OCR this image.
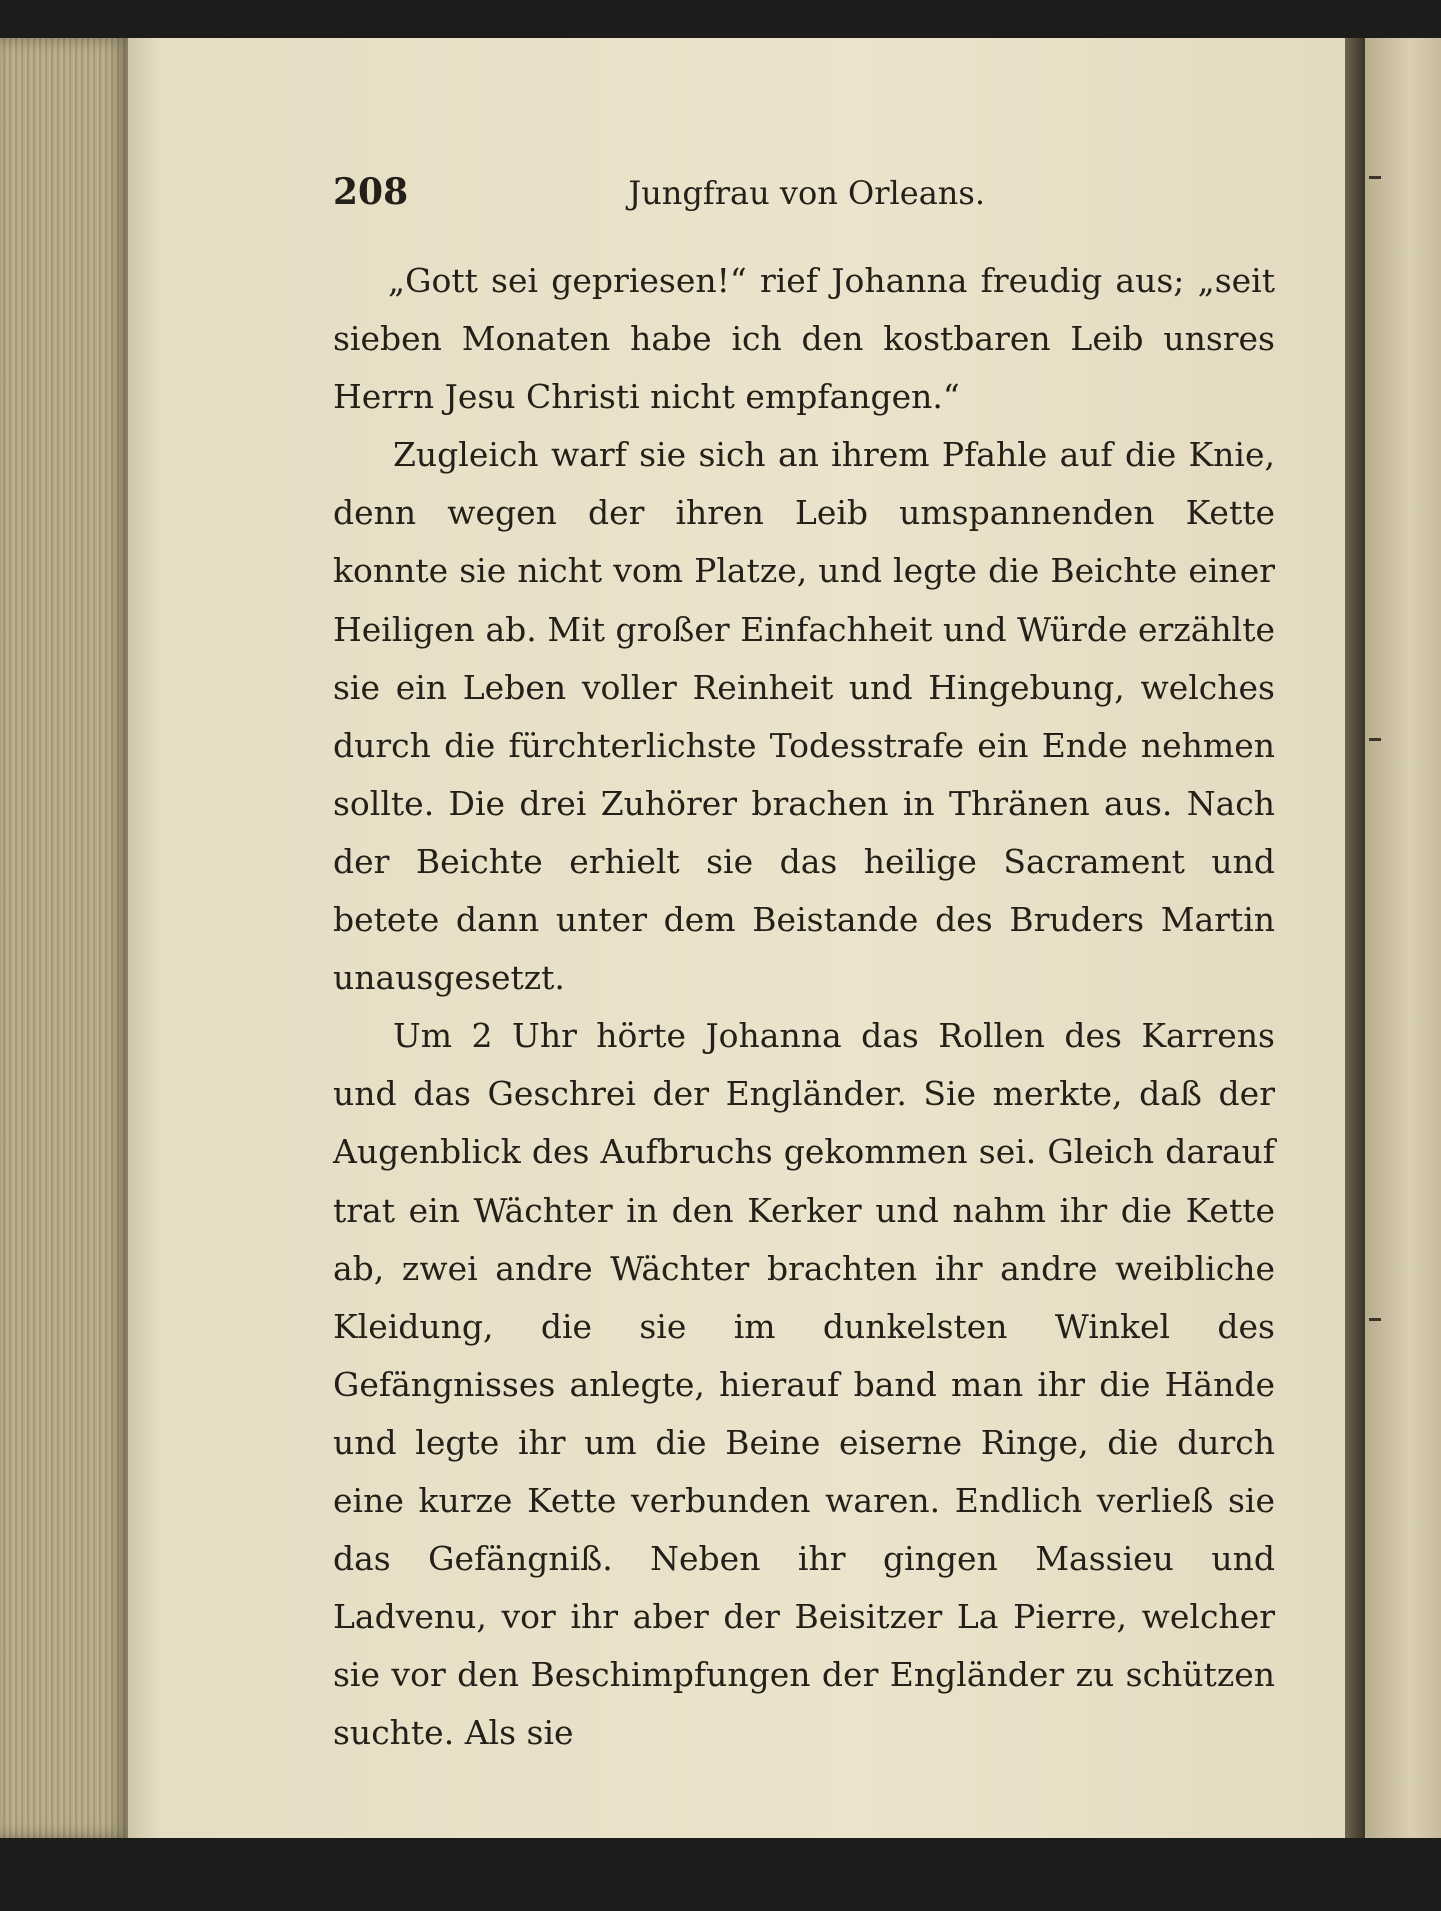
208	Jungfrau von Orleans.

„Gott sei gepriesen!“ rief Johanna freudig aus; „seit sieben Monaten habe ich den kostbaren Leib unsres Herrn Jesu Christi nicht empfangen.“

Zugleich warf sie sich an ihrem Pfahle auf die Knie, denn wegen der ihren Leib umspannenden Kette konnte sie nicht vom Platze, und legte die Beichte einer Heiligen ab. Mit großer Einfachheit und Würde erzählte sie ein Leben voller Reinheit und Hingebung, welches durch die fürchterlichste Todesstrafe ein Ende nehmen sollte. Die drei Zuhörer brachen in Thränen aus. Nach der Beichte erhielt sie das heilige Sacrament und betete dann unter dem Beistande des Bruders Martin unausgesetzt.

Um 2 Uhr hörte Johanna das Rollen des Karrens und das Geschrei der Engländer. Sie merkte, daß der Augenblick des Aufbruchs gekommen sei. Gleich darauf trat ein Wächter in den Kerker und nahm ihr die Kette ab, zwei andre Wächter brachten ihr andre weibliche Kleidung, die sie im dunkelsten Winkel des Gefängnisses anlegte, hierauf band man ihr die Hände und legte ihr um die Beine eiserne Ringe, die durch eine kurze Kette verbunden waren. Endlich verließ sie das Gefängniß. Neben ihr gingen Massieu und Ladvenu, vor ihr aber der Beisitzer La Pierre, welcher sie vor den Beschimpfungen der Engländer zu schützen suchte. Als sie
